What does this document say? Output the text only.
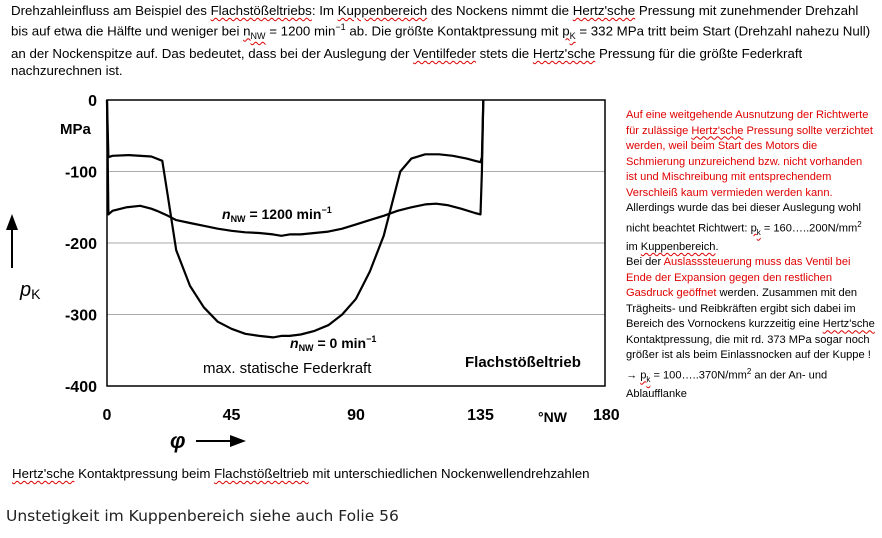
Drehzahleinfluss am Beispiel des Flachstößeltriebs: Im Kuppenbereich des Nockens nimmt die Hertz'sche Pressung mit zunehmender Drehzahl bis auf etwa die Hälfte und weniger bei $n_{NW} = 1200$ $\min^{-1}$ ab. Die größte Kontaktpressung mit $p_K = 332$ MPa tritt beim Start (Drehzahl nahezu Null) an der Nockenspitze auf. Das bedeutet, dass bei der Auslegung der Ventilfeder stets die Hertz'sche Pressung für die größte Federkraft nachzurechnen ist.
0
-100
-200
-300
-400
0	45	90	135	180
MPa
°NW
pK
φ
$n_{NW} = 1200$ $\min^{-1}$
$n_{NW} = 0$ $\min^{-1}$
max. statische Federkraft	Flachstößeltrieb
Auf eine weitgehende Ausnutzung der Richtwerte für zulässige Hertz'sche Pressung sollte verzichtet werden, weil beim Start des Motors die Schmierung unzureichend bzw. nicht vorhanden ist und Mischreibung mit entsprechendem Verschleiß kaum vermieden werden kann.
Allerdings wurde das bei dieser Auslegung wohl nicht beachtet Richtwert: $p_k$ = $160\dots..200N/mm^2$ im Kuppenbereich.
Bei der Auslasssteuerung muss das Ventil bei Ende der Expansion gegen den restlichen Gasdruck geöffnet werden. Zusammen mit den Trägheits- und Reibkräften ergibt sich dabei im Bereich des Vornockens kurzzeitig eine Hertz'sche Kontaktpressung, die mit rd. 373 MPa sogar noch größer ist als beim Einlassnocken auf der Kuppe !
→ $p_k$ = $100\dots..370N/mm^2$ an der An- und Ablaufflanke
Hertz'sche Kontaktpressung beim Flachstößeltrieb mit unterschiedlichen Nockenwellendrehzahlen
Unstetigkeit im Kuppenbereich siehe auch Folie 56
